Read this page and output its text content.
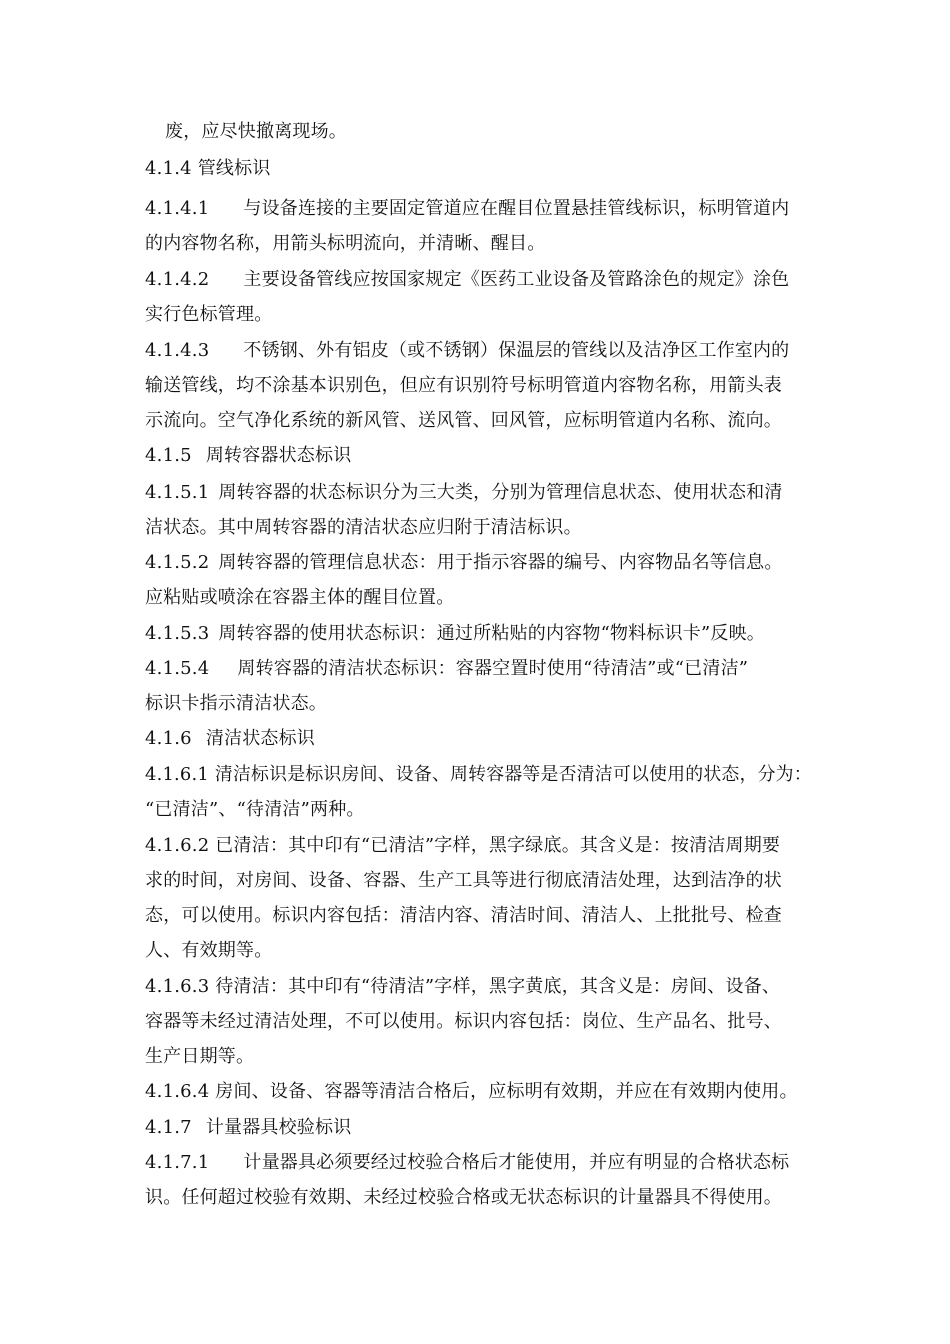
废，应尽快撤离现场。
4.1.4 管线标识
4.1.4.1 与设备连接的主要固定管道应在醒目位置悬挂管线标识，标明管道内
的内容物名称，用箭头标明流向，并清晰、醒目。
4.1.4.2 主要设备管线应按国家规定《医药工业设备及管路涂色的规定》涂色
实行色标管理。
4.1.4.3 不锈钢、外有铝皮（或不锈钢）保温层的管线以及洁净区工作室内的
输送管线，均不涂基本识别色，但应有识别符号标明管道内容物名称，用箭头表
示流向。空气净化系统的新风管、送风管、回风管，应标明管道内名称、流向。
4.1.5 周转容器状态标识
4.1.5.1 周转容器的状态标识分为三大类，分别为管理信息状态、使用状态和清
洁状态。其中周转容器的清洁状态应归附于清洁标识。
4.1.5.2 周转容器的管理信息状态：用于指示容器的编号、内容物品名等信息。
应粘贴或喷涂在容器主体的醒目位置。
4.1.5.3 周转容器的使用状态标识：通过所粘贴的内容物“物料标识卡”反映。
4.1.5.4 周转容器的清洁状态标识：容器空置时使用“待清洁”或“已清洁”
标识卡指示清洁状态。
4.1.6 清洁状态标识
4.1.6.1 清洁标识是标识房间、设备、周转容器等是否清洁可以使用的状态，分为：
“已清洁”、“待清洁”两种。
4.1.6.2 已清洁：其中印有“已清洁”字样，黑字绿底。其含义是：按清洁周期要
求的时间，对房间、设备、容器、生产工具等进行彻底清洁处理，达到洁净的状
态，可以使用。标识内容包括：清洁内容、清洁时间、清洁人、上批批号、检查
人、有效期等。
4.1.6.3 待清洁：其中印有“待清洁”字样，黑字黄底，其含义是：房间、设备、
容器等未经过清洁处理，不可以使用。标识内容包括：岗位、生产品名、批号、
生产日期等。
4.1.6.4 房间、设备、容器等清洁合格后，应标明有效期，并应在有效期内使用。
4.1.7 计量器具校验标识
4.1.7.1 计量器具必须要经过校验合格后才能使用，并应有明显的合格状态标
识。任何超过校验有效期、未经过校验合格或无状态标识的计量器具不得使用。
